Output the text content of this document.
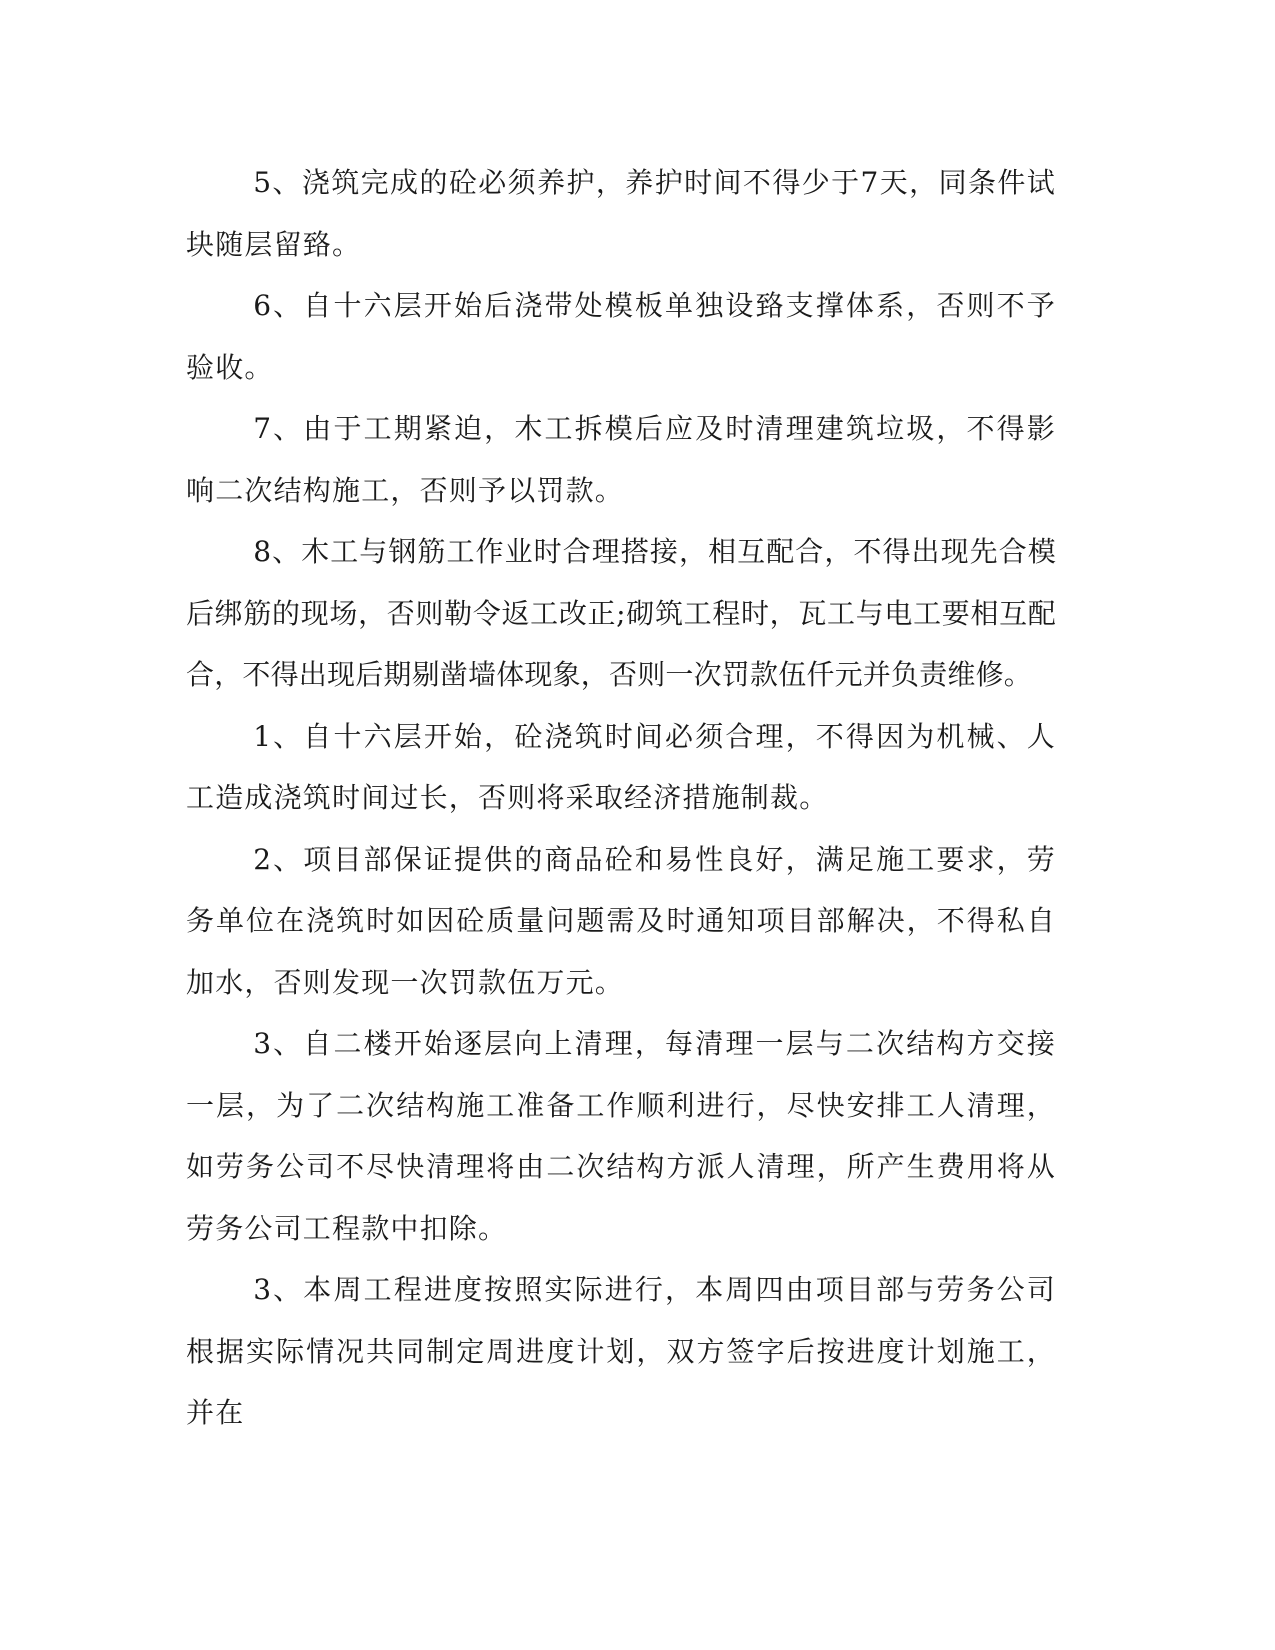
5、浇筑完成的砼必须养护，养护时间不得少于7天，同条件试块随层留臵。

6、自十六层开始后浇带处模板单独设臵支撑体系，否则不予验收。

7、由于工期紧迫，木工拆模后应及时清理建筑垃圾，不得影响二次结构施工，否则予以罚款。

8、木工与钢筋工作业时合理搭接，相互配合，不得出现先合模后绑筋的现场，否则勒令返工改正;砌筑工程时，瓦工与电工要相互配合，不得出现后期剔凿墙体现象，否则一次罚款伍仟元并负责维修。

1、自十六层开始，砼浇筑时间必须合理，不得因为机械、人工造成浇筑时间过长，否则将采取经济措施制裁。

2、项目部保证提供的商品砼和易性良好，满足施工要求，劳务单位在浇筑时如因砼质量问题需及时通知项目部解决，不得私自加水，否则发现一次罚款伍万元。

3、自二楼开始逐层向上清理，每清理一层与二次结构方交接一层，为了二次结构施工准备工作顺利进行，尽快安排工人清理，如劳务公司不尽快清理将由二次结构方派人清理，所产生费用将从劳务公司工程款中扣除。

3、本周工程进度按照实际进行，本周四由项目部与劳务公司根据实际情况共同制定周进度计划，双方签字后按进度计划施工，并在
